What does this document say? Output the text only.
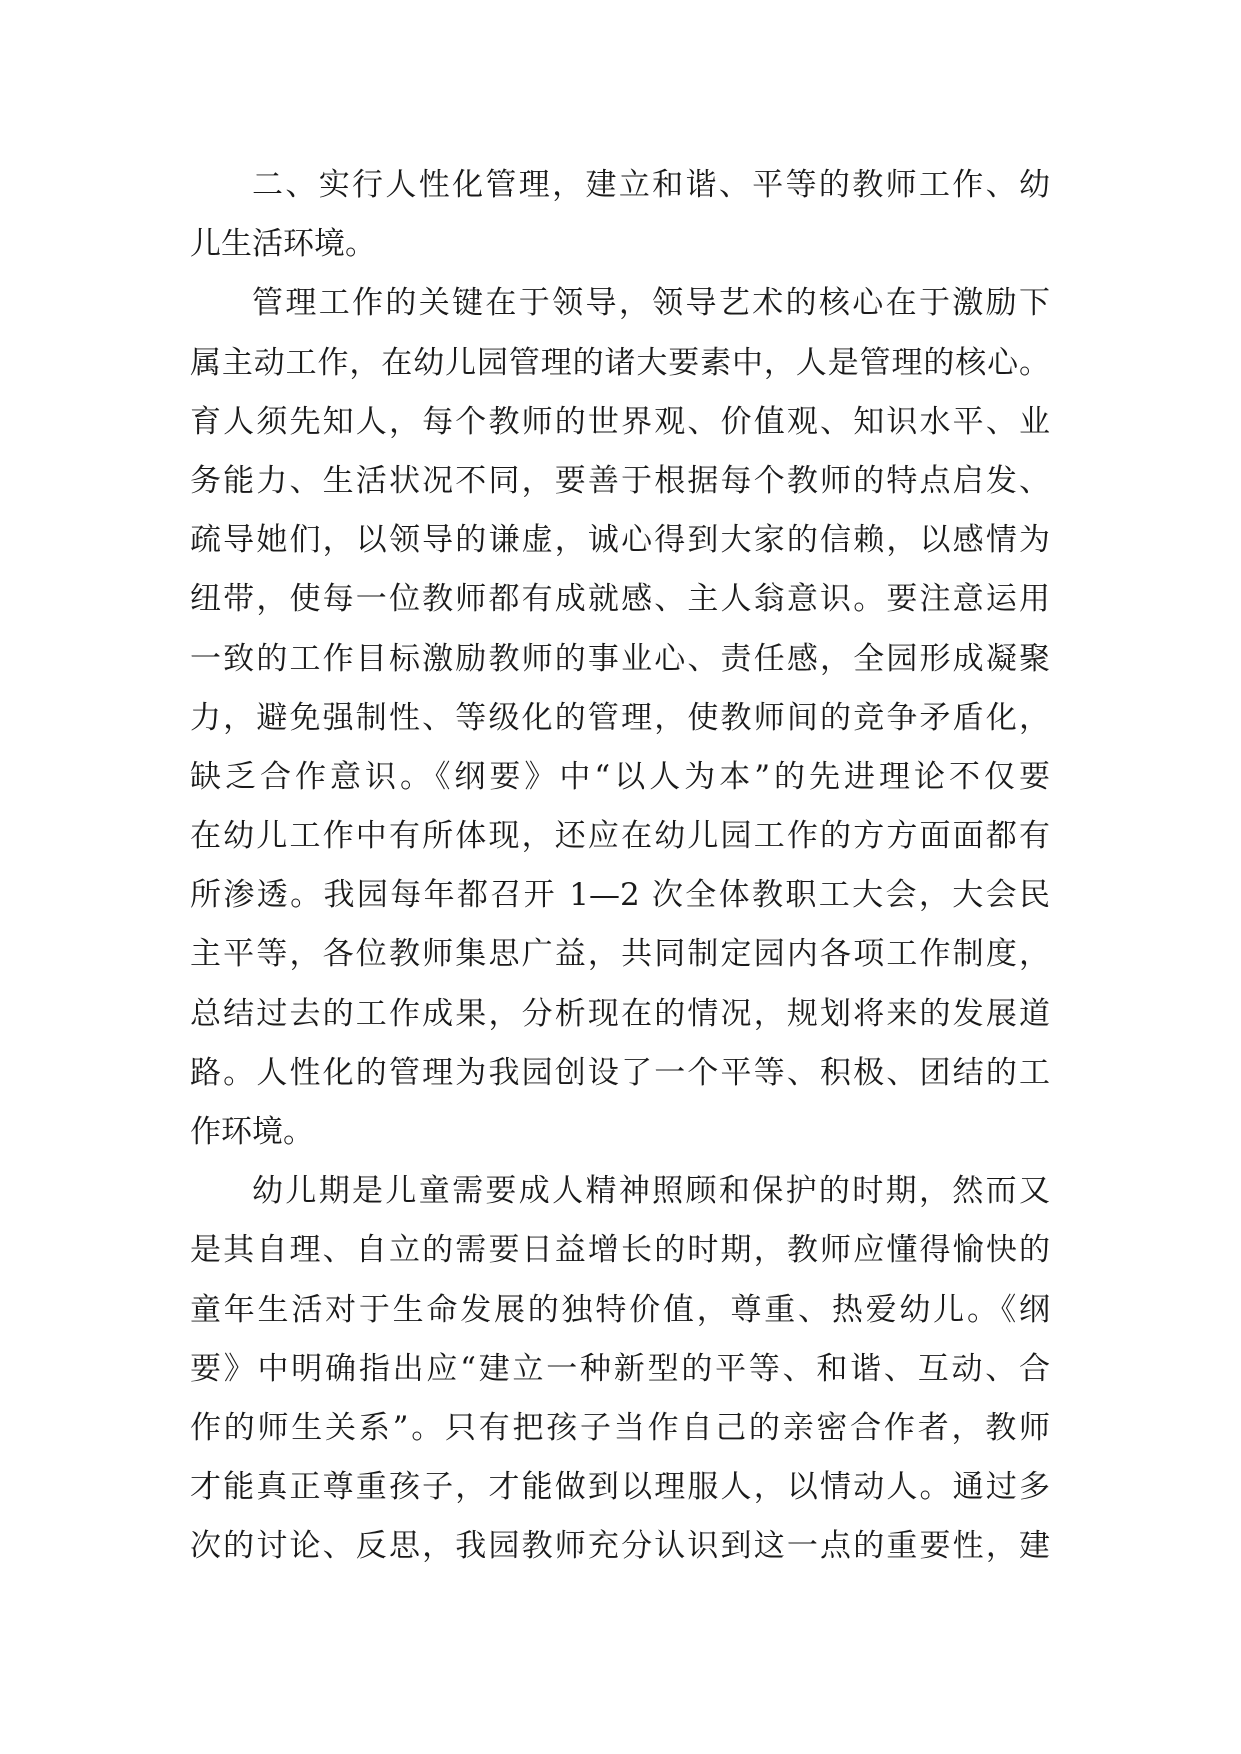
二、实行人性化管理，建立和谐、平等的教师工作、幼
儿生活环境。
管理工作的关键在于领导，领导艺术的核心在于激励下
属主动工作，在幼儿园管理的诸大要素中，人是管理的核心。
育人须先知人，每个教师的世界观、价值观、知识水平、业
务能力、生活状况不同，要善于根据每个教师的特点启发、
疏导她们，以领导的谦虚，诚心得到大家的信赖，以感情为
纽带，使每一位教师都有成就感、主人翁意识。要注意运用
一致的工作目标激励教师的事业心、责任感，全园形成凝聚
力，避免强制性、等级化的管理，使教师间的竞争矛盾化，
缺乏合作意识。《纲要》中“以人为本”的先进理论不仅要
在幼儿工作中有所体现，还应在幼儿园工作的方方面面都有
所渗透。我园每年都召开 1—2 次全体教职工大会，大会民
主平等，各位教师集思广益，共同制定园内各项工作制度，
总结过去的工作成果，分析现在的情况，规划将来的发展道
路。人性化的管理为我园创设了一个平等、积极、团结的工
作环境。
幼儿期是儿童需要成人精神照顾和保护的时期，然而又
是其自理、自立的需要日益增长的时期，教师应懂得愉快的
童年生活对于生命发展的独特价值，尊重、热爱幼儿。《纲
要》中明确指出应“建立一种新型的平等、和谐、互动、合
作的师生关系”。只有把孩子当作自己的亲密合作者，教师
才能真正尊重孩子，才能做到以理服人，以情动人。通过多
次的讨论、反思，我园教师充分认识到这一点的重要性，建
